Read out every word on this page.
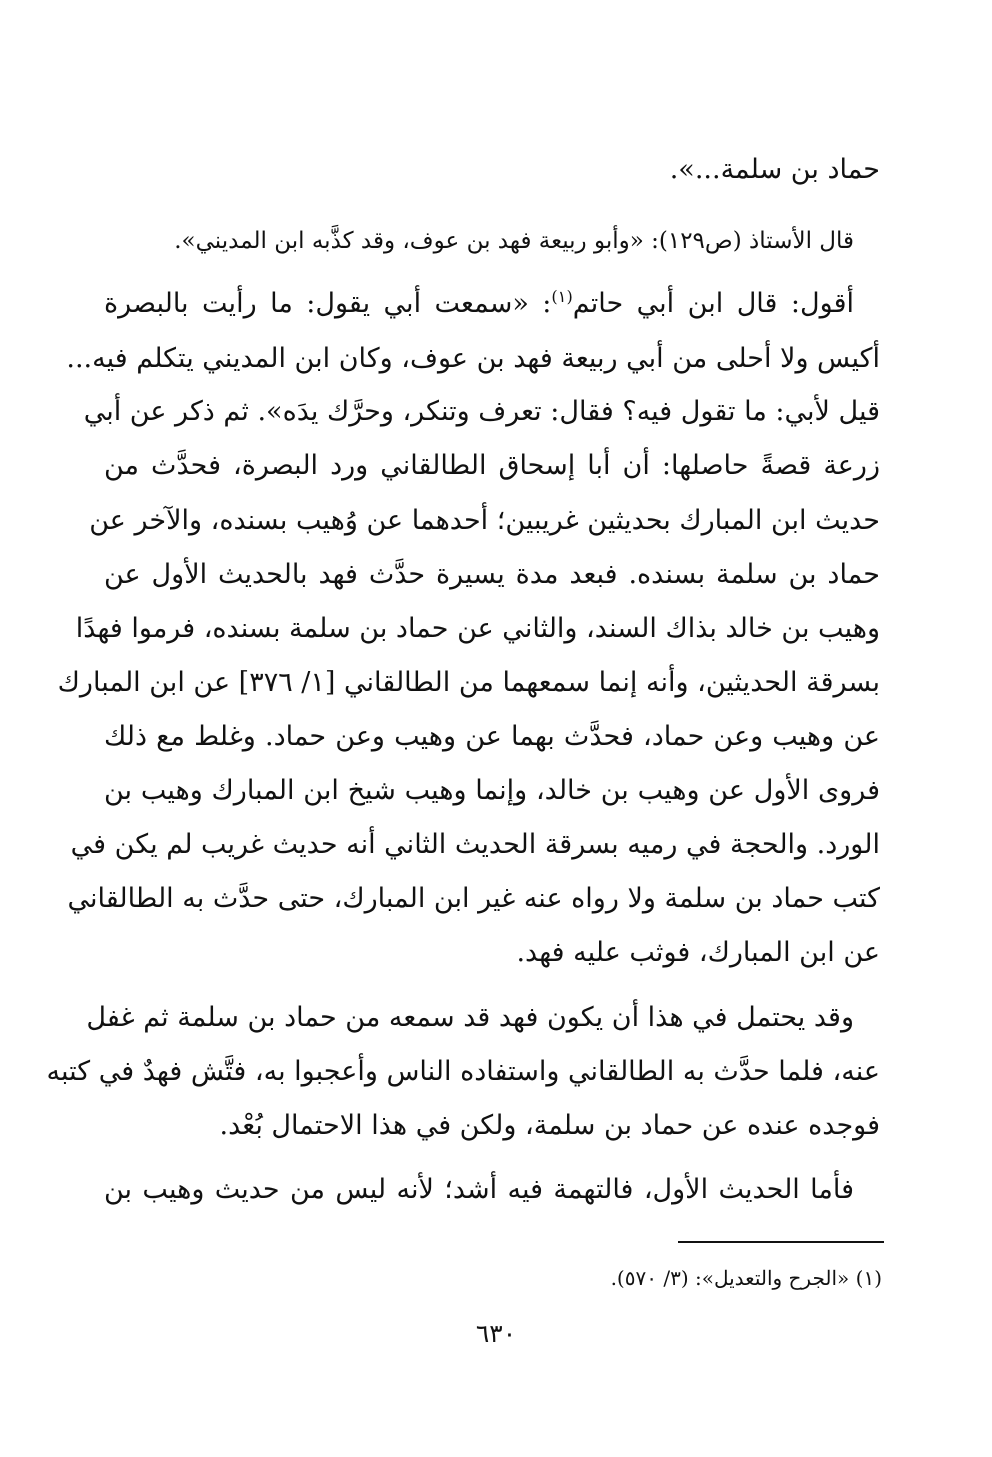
حماد بن سلمة...».

قال الأستاذ (ص١٢٩): «وأبو ربيعة فهد بن عوف، وقد كذَّبه ابن المديني».

أقول: قال ابن أبي حاتم$^{(١)}$: «سمعت أبي يقول: ما رأيت بالبصرة

أكيس ولا أحلى من أبي ربيعة فهد بن عوف، وكان ابن المديني يتكلم فيه...

قيل لأبي: ما تقول فيه؟ فقال: تعرف وتنكر، وحرَّك يدَه». ثم ذكر عن أبي

زرعة قصةً حاصلها: أن أبا إسحاق الطالقاني ورد البصرة، فحدَّث من

حديث ابن المبارك بحديثين غريبين؛ أحدهما عن وُهيب بسنده، والآخر عن

حماد بن سلمة بسنده. فبعد مدة يسيرة حدَّث فهد بالحديث الأول عن

وهيب بن خالد بذاك السند، والثاني عن حماد بن سلمة بسنده، فرموا فهدًا

بسرقة الحديثين، وأنه إنما سمعهما من الطالقاني [١/ ٣٧٦] عن ابن المبارك

عن وهيب وعن حماد، فحدَّث بهما عن وهيب وعن حماد. وغلط مع ذلك

فروى الأول عن وهيب بن خالد، وإنما وهيب شيخ ابن المبارك وهيب بن

الورد. والحجة في رميه بسرقة الحديث الثاني أنه حديث غريب لم يكن في

كتب حماد بن سلمة ولا رواه عنه غير ابن المبارك، حتى حدَّث به الطالقاني

عن ابن المبارك، فوثب عليه فهد.

وقد يحتمل في هذا أن يكون فهد قد سمعه من حماد بن سلمة ثم غفل

عنه، فلما حدَّث به الطالقاني واستفاده الناس وأعجبوا به، فتَّش فهدٌ في كتبه

فوجده عنده عن حماد بن سلمة، ولكن في هذا الاحتمال بُعْد.

فأما الحديث الأول، فالتهمة فيه أشد؛ لأنه ليس من حديث وهيب بن

(١) «الجرح والتعديل»: (٣/ ٥٧٠).

٦٣٠
